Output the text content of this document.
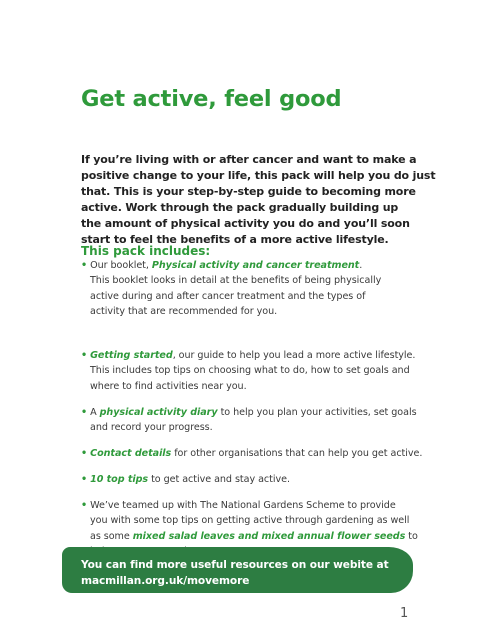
Get active, feel good
If you’re living with or after cancer and want to make a
positive change to your life, this pack will help you do just
that. This is your step-by-step guide to becoming more
active. Work through the pack gradually building up
the amount of physical activity you do and you’ll soon
start to feel the benefits of a more active lifestyle.
This pack includes:
• Our booklet, Physical activity and cancer treatment.
This booklet looks in detail at the benefits of being physically
active during and after cancer treatment and the types of
activity that are recommended for you.
• Getting started, our guide to help you lead a more active lifestyle.
This includes top tips on choosing what to do, how to set goals and
where to find activities near you.
• A physical activity diary to help you plan your activities, set goals
and record your progress.
• Contact details for other organisations that can help you get active.
• 10 top tips to get active and stay active.
• We’ve teamed up with The National Gardens Scheme to provide
you with some top tips on getting active through gardening as well
as some mixed salad leaves and mixed annual flower seeds to
You can find more useful resources on our webite at
macmillan.org.uk/movemore
1
